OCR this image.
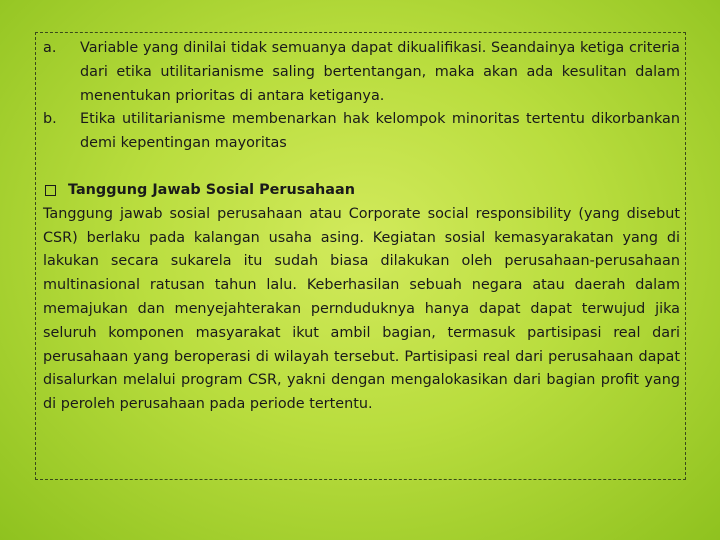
a.	Variable yang dinilai tidak semuanya dapat dikualifikasi. Seandainya ketiga criteria dari etika utilitarianisme saling bertentangan, maka akan ada kesulitan dalam menentukan prioritas di antara ketiganya.
b.	Etika utilitarianisme membenarkan hak kelompok minoritas tertentu dikorbankan demi kepentingan mayoritas
Tanggung Jawab Sosial Perusahaan
Tanggung jawab sosial perusahaan atau Corporate social responsibility (yang disebut CSR) berlaku pada kalangan usaha asing. Kegiatan sosial kemasyarakatan yang di lakukan secara sukarela itu sudah biasa dilakukan oleh perusahaan-perusahaan multinasional ratusan tahun lalu. Keberhasilan sebuah negara atau daerah dalam memajukan dan menyejahterakan pernduduknya hanya dapat dapat terwujud jika seluruh komponen masyarakat ikut ambil bagian, termasuk partisipasi real dari perusahaan yang beroperasi di wilayah tersebut. Partisipasi real dari perusahaan dapat disalurkan melalui program CSR, yakni dengan mengalokasikan dari bagian profit yang di peroleh perusahaan pada periode tertentu.
